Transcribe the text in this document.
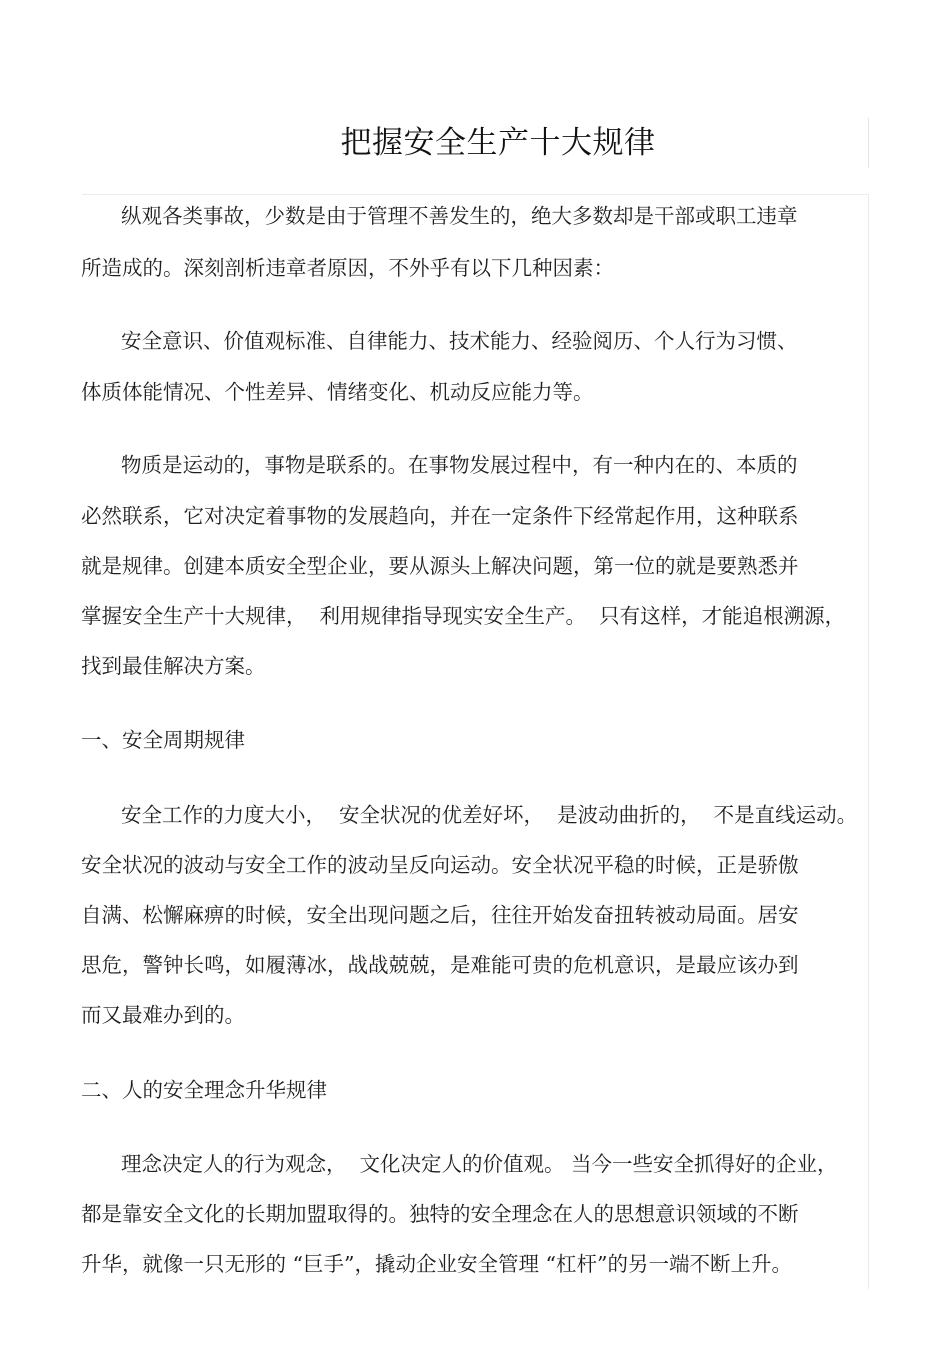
把握安全生产十大规律
纵观各类事故，少数是由于管理不善发生的，绝大多数却是干部或职工违章
所造成的。深刻剖析违章者原因，不外乎有以下几种因素：
安全意识、价值观标准、自律能力、技术能力、经验阅历、个人行为习惯、
体质体能情况、个性差异、情绪变化、机动反应能力等。
物质是运动的，事物是联系的。在事物发展过程中，有一种内在的、本质的
必然联系，它对决定着事物的发展趋向，并在一定条件下经常起作用，这种联系
就是规律。创建本质安全型企业，要从源头上解决问题，第一位的就是要熟悉并
掌握安全生产十大规律，  利用规律指导现实安全生产。  只有这样，才能追根溯源，
找到最佳解决方案。
一、安全周期规律
安全工作的力度大小，  安全状况的优差好坏，  是波动曲折的，  不是直线运动。
安全状况的波动与安全工作的波动呈反向运动。安全状况平稳的时候，正是骄傲
自满、松懈麻痹的时候，安全出现问题之后，往往开始发奋扭转被动局面。居安
思危，警钟长鸣，如履薄冰，战战兢兢，是难能可贵的危机意识，是最应该办到
而又最难办到的。
二、人的安全理念升华规律
理念决定人的行为观念，  文化决定人的价值观。 当今一些安全抓得好的企业，
都是靠安全文化的长期加盟取得的。独特的安全理念在人的思想意识领域的不断
升华，就像一只无形的 “巨手”，撬动企业安全管理 “杠杆”的另一端不断上升。
